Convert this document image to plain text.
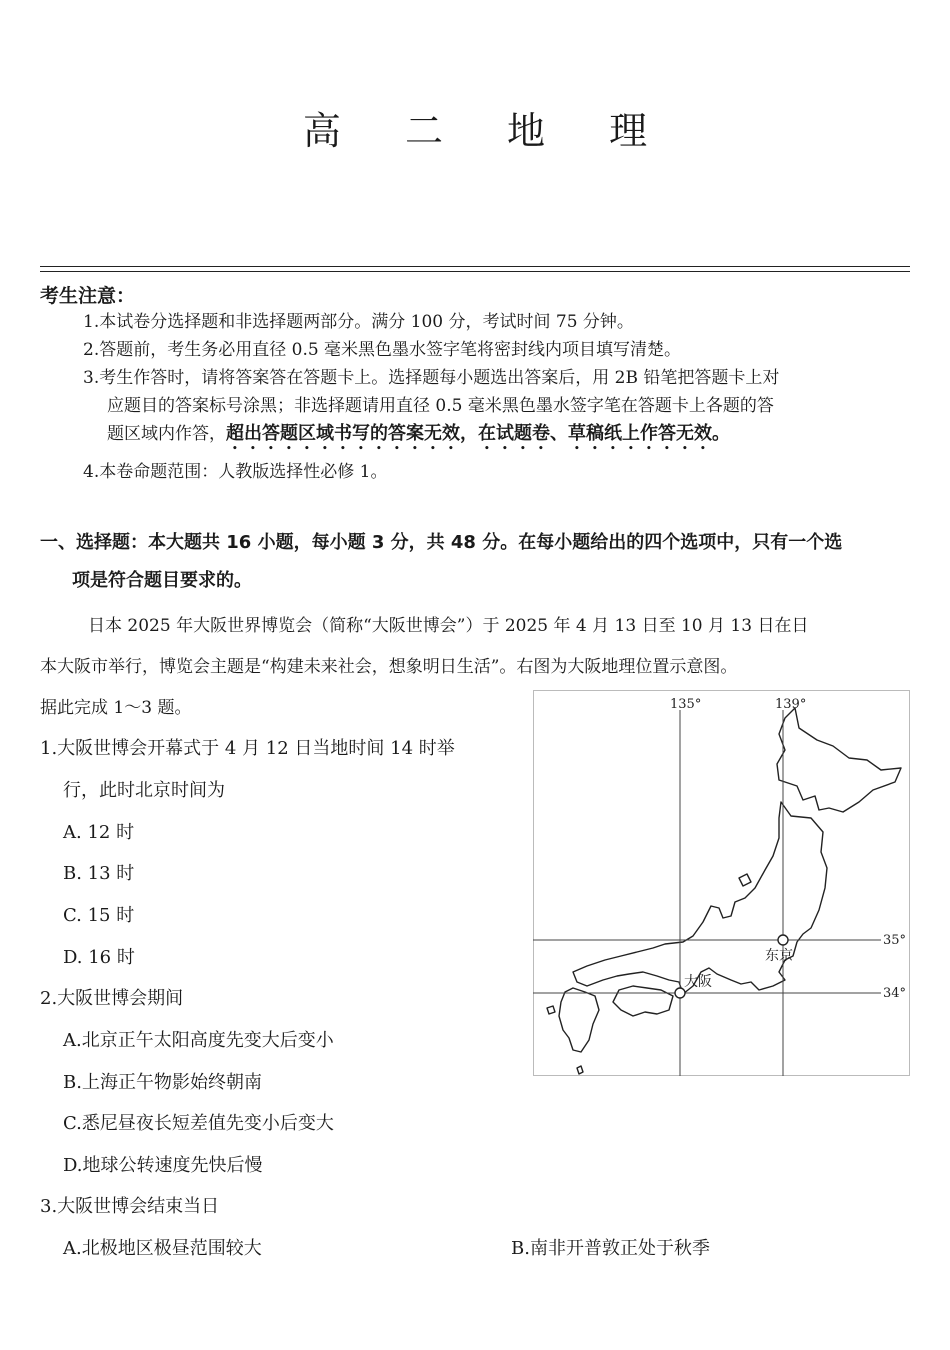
高 二 地 理
考生注意：
1.本试卷分选择题和非选择题两部分。满分 100 分，考试时间 75 分钟。
2.答题前，考生务必用直径 0.5 毫米黑色墨水签字笔将密封线内项目填写清楚。
3.考生作答时，请将答案答在答题卡上。选择题每小题选出答案后，用 2B 铅笔把答题卡上对
应题目的答案标号涂黑；非选择题请用直径 0.5 毫米黑色墨水签字笔在答题卡上各题的答
题区域内作答，超出答题区域书写的答案无效，在试题卷、草稿纸上作答无效。
4.本卷命题范围：人教版选择性必修 1。
一、选择题：本大题共 16 小题，每小题 3 分，共 48 分。在每小题给出的四个选项中，只有一个选
项是符合题目要求的。
日本 2025 年大阪世界博览会（简称“大阪世博会”）于 2025 年 4 月 13 日至 10 月 13 日在日
本大阪市举行，博览会主题是“构建未来社会，想象明日生活”。右图为大阪地理位置示意图。
据此完成 1～3 题。
1.大阪世博会开幕式于 4 月 12 日当地时间 14 时举
行，此时北京时间为
A. 12 时
B. 13 时
C. 15 时
D. 16 时
2.大阪世博会期间
A.北京正午太阳高度先变大后变小
B.上海正午物影始终朝南
C.悉尼昼夜长短差值先变小后变大
D.地球公转速度先快后慢
3.大阪世博会结束当日
A.北极地区极昼范围较大	B.南非开普敦正处于秋季
135°	139°
35°
34°
东京
大阪
